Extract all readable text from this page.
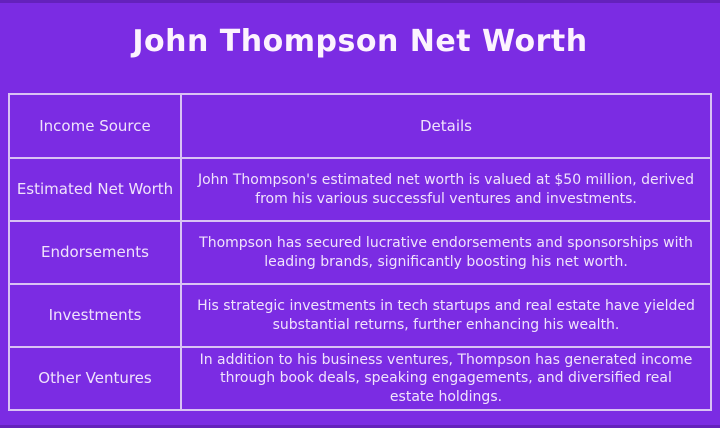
John Thompson Net Worth
Income Source	Details
Estimated Net Worth	John Thompson's estimated net worth is valued at $50 million, derived from his various successful ventures and investments.
Endorsements	Thompson has secured lucrative endorsements and sponsorships with leading brands, significantly boosting his net worth.
Investments	His strategic investments in tech startups and real estate have yielded substantial returns, further enhancing his wealth.
Other Ventures	In addition to his business ventures, Thompson has generated income through book deals, speaking engagements, and diversified real estate holdings.
